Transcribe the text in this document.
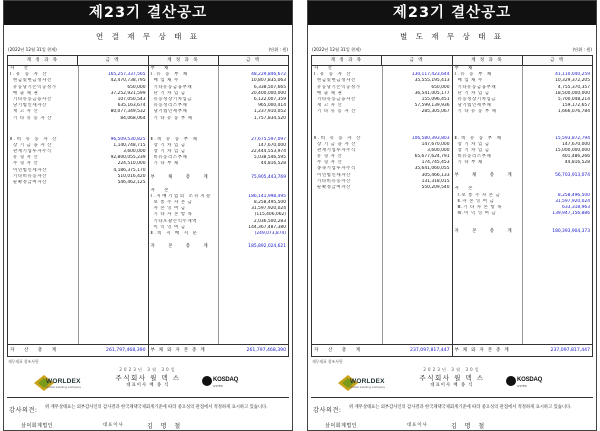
제23기 결산공고
연 결 재 무 상 태 표
(2022년 12월 31일 현재)	(단위 : 원)
계 정 과 목	금 액	계 정 과 목	금 액
자 산
Ⅰ.유 동 자 산	165,257,337,565
현금및현금성자산	42,470,738,795
유동당기손익공정가	650,000
매 출 채 권	37,252,921,599
기타유동금융자산	107,050,543
당기법인세자산	635,163,674
재 고 자 산	80,077,349,532
기 타 유 동 자 산	84,068,064
Ⅱ.비 유 동 자 산	96,509,530,825
장 기 금 융 자 산	1,140,748,715
관계기업투자주식	3,600,000
유 형 자 산	92,800,055,239
무 형 자 산	224,510,000
이연법인세자산	4,186,375,170
기타비유동자산	510,016,420
순확정급여자산	546,462,125
부 채
Ⅰ.유 동 부 채	48,229,846,672
매 입 채 무	10,807,835,063
기타유동금융부채	6,338,507,665
단 기 차 입 금	20,400,000,000
유동성장기차입금	6,122,007,359
유동성리스부채	965,000,414
당기법인세부채	1,237,910,052
기 타 유 동 부 채	1,757,834,520
Ⅱ.비 유 동 부 채	27,675,597,097
장 기 차 입 금	147,670,000
장 기 차 입 금	22,444,553,974
비유동리스부채	5,038,546,595
기 타 부 채	44,816,528
부 채 총 계	75,905,443,769
자 본
Ⅰ.지배기업의 소유지분	186,141,998,495
보 통 주 자 본 금	8,258,495,500
자 본 잉 여 금	31,597,920,024
기 타 자 본 항 목	(115,406,062)
기타포괄손익누계액	2,036,500,283
이 익 잉 여 금	144,367,487,380
Ⅱ.비 지 배 지 분	(249,073,874)
자 본 총 계	185,892,024,621
자 산 총 계	261,797,468,390	부 채 와 자 본 총 계	261,797,468,390
재무제표 참조사항
2023년 3월 30일
WORLDEX
Global Leading Company
주식회사 윌 덱 스
대표이사 배 종 식
KOSDAQ
LISTED
감사의견: 위 재무상태표는 외부감사인의 감사결과 한국채택국제회계기준에 따라 중요성의 관점에서 적정하게 표시하고 있습니다.
삼덕회계법인	대표이사	김 명 철
제23기 결산공고
별 도 재 무 상 태 표
(2022년 12월 31일 현재)	(단위 : 원)
계 정 과 목	금 액	계 정 과 목	금 액
자 산
Ⅰ.유 동 자 산	130,117,423,644
현금및현금성자산	35,555,195,413
유동당기손익공정가	650,000
매 출 채 권	36,541,005,177
기타유동금융자산	155,096,451
재 고 자 산	57,599,139,936
기 타 유 동 자 산	285,305,067
Ⅱ.비 유 동 자 산	106,580,393,803
장 기 금 융 자 산	147,670,000
관계기업투자주식	3,600,000
유 형 자 산	65,677,624,791
무 형 자 산	174,745,453
종속기업투자주식	35,641,060,055
이연법인세자산	305,466,133
기타비유동자산	131,318,015
순확정급여자산	550,209,540
부 채
Ⅰ.유 동 부 채	41,110,040,259
매 입 채 무	10,329,372,205
기타유동금융부채	4,755,370,357
단 기 차 입 금	18,500,000,000
유동성장기차입금	5,700,048,214
당기법인세부채	159,172,657
기 타 유 동 부 채	1,666,076,784
Ⅱ.비 유 동 부 채	15,593,872,794
장 기 차 입 금	147,670,000
장 기 차 입 금	15,000,000,000
비유동리스부채	401,486,266
기 타 부 채	44,816,528
부 채 총 계	56,703,913,074
자 본
Ⅰ.보 통 주 자 본 금	8,258,496,500
Ⅱ.자 본 잉 여 금	31,597,920,024
Ⅲ.기 타 자 본 항 목	633,318,963
Ⅳ.이 익 잉 여 금	139,947,156,886
자 본 총 계	180,393,904,373
자 산 총 계	237,097,817,447	부 채 와 자 본 총 계	237,097,817,447
재무제표 참조사항
2023년 3월 30일
WORLDEX
Global Leading Company
주식회사 윌 덱 스
대표이사 배 종 식
KOSDAQ
LISTED
감사의견: 위 재무상태표는 외부감사인의 감사결과 한국채택국제회계기준에 따라 중요성의 관점에서 적정하게 표시하고 있습니다.
삼덕회계법인	대표이사	김 명 철
